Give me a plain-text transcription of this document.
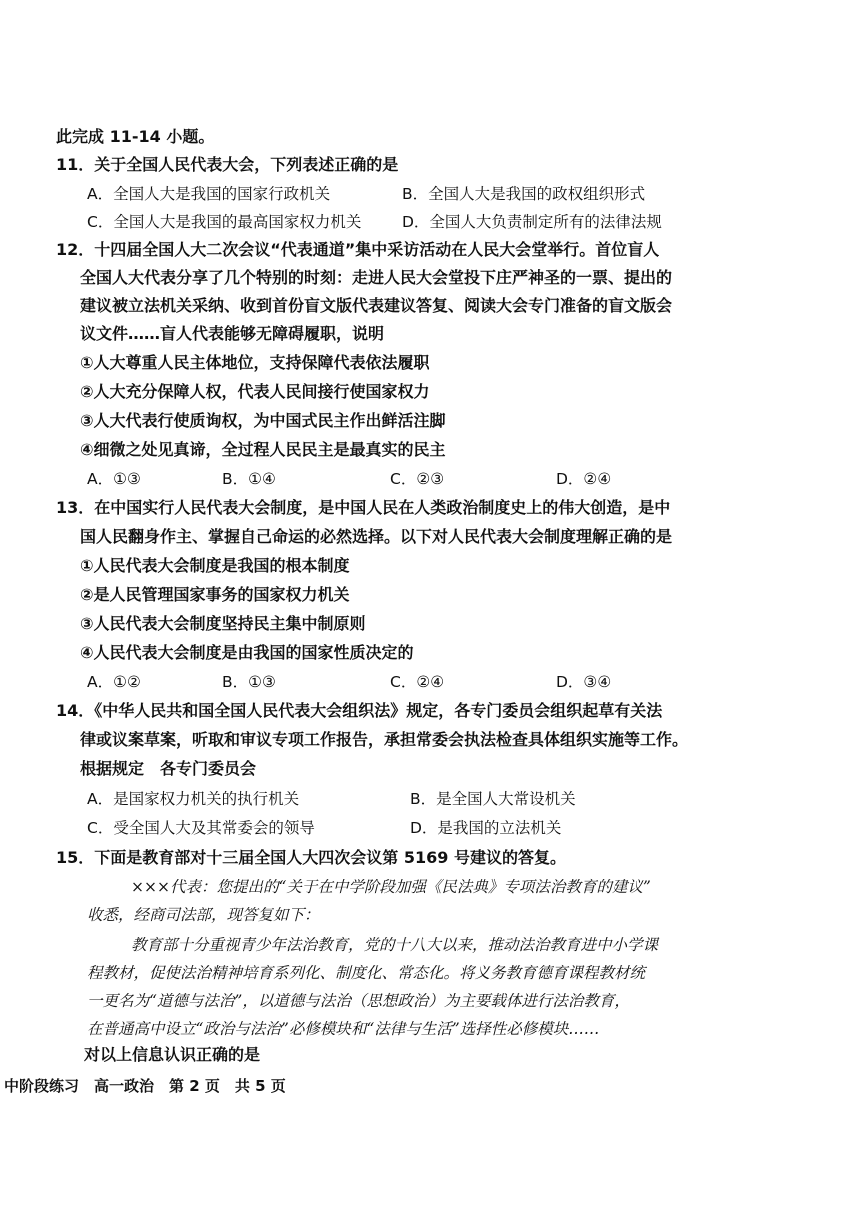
此完成 11-14 小题。
11．关于全国人民代表大会，下列表述正确的是
A．全国人大是我国的国家行政机关	B．全国人大是我国的政权组织形式
C．全国人大是我国的最高国家权力机关	D．全国人大负责制定所有的法律法规
12．十四届全国人大二次会议“代表通道”集中采访活动在人民大会堂举行。首位盲人
全国人大代表分享了几个特别的时刻：走进人民大会堂投下庄严神圣的一票、提出的
建议被立法机关采纳、收到首份盲文版代表建议答复、阅读大会专门准备的盲文版会
议文件……盲人代表能够无障碍履职，说明
①人大尊重人民主体地位，支持保障代表依法履职
②人大充分保障人权，代表人民间接行使国家权力
③人大代表行使质询权，为中国式民主作出鲜活注脚
④细微之处见真谛，全过程人民民主是最真实的民主
A．①③	B．①④	C．②③	D．②④
13．在中国实行人民代表大会制度，是中国人民在人类政治制度史上的伟大创造，是中
国人民翻身作主、掌握自己命运的必然选择。以下对人民代表大会制度理解正确的是
①人民代表大会制度是我国的根本制度
②是人民管理国家事务的国家权力机关
③人民代表大会制度坚持民主集中制原则
④人民代表大会制度是由我国的国家性质决定的
A．①②	B．①③	C．②④	D．③④
14．《中华人民共和国全国人民代表大会组织法》规定，各专门委员会组织起草有关法
律或议案草案，听取和审议专项工作报告，承担常委会执法检查具体组织实施等工作。
根据规定　各专门委员会
A．是国家权力机关的执行机关	B．是全国人大常设机关
C．受全国人大及其常委会的领导	D．是我国的立法机关
15．下面是教育部对十三届全国人大四次会议第 5169 号建议的答复。
×××代表：您提出的“关于在中学阶段加强《民法典》专项法治教育的建议”
收悉，经商司法部，现答复如下：
教育部十分重视青少年法治教育，党的十八大以来，推动法治教育进中小学课
程教材，促使法治精神培育系列化、制度化、常态化。将义务教育德育课程教材统
一更名为“道德与法治”，以道德与法治（思想政治）为主要载体进行法治教育，
在普通高中设立“政治与法治”必修模块和“法律与生活”选择性必修模块……
对以上信息认识正确的是
中阶段练习　高一政治　第 2 页　共 5 页
